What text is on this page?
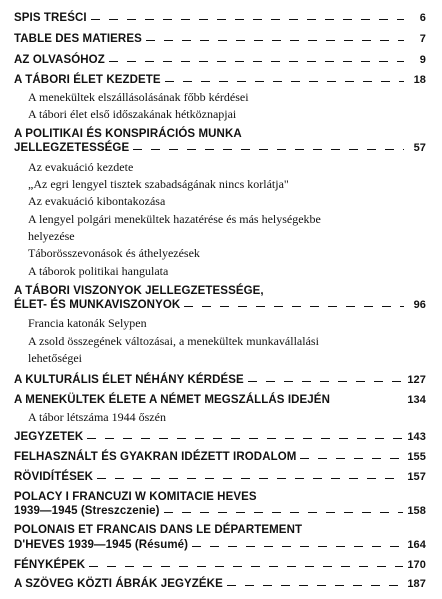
SPIS TREŚCI	6
TABLE DES MATIERES	7
AZ OLVASÓHOZ	9
A TÁBORI ÉLET KEZDETE	18
A menekültek elszállásolásának főbb kérdései
A tábori élet első időszakának hétköznapjai
A POLITIKAI ÉS KONSPIRÁCIÓS MUNKA
JELLEGZETESSÉGE	57
Az evakuáció kezdete
„Az egri lengyel tisztek szabadságának nincs korlátja"
Az evakuáció kibontakozása
A lengyel polgári menekültek hazatérése és más helységekbe
helyezése
Táborösszevonások és áthelyezések
A táborok politikai hangulata
A TÁBORI VISZONYOK JELLEGZETESSÉGE,
ÉLET- ÉS MUNKAVISZONYOK	96
Francia katonák Selypen
A zsold összegének változásai, a menekültek munkavállalási
lehetőségei
A KULTURÁLIS ÉLET NÉHÁNY KÉRDÉSE	127
A MENEKÜLTEK ÉLETE A NÉMET MEGSZÁLLÁS IDEJÉN	134
A tábor létszáma 1944 őszén
JEGYZETEK	143
FELHASZNÁLT ÉS GYAKRAN IDÉZETT IRODALOM	155
RÖVIDÍTÉSEK	157
POLACY I FRANCUZI W KOMITACIE HEVES
1939—1945 (Streszczenie)	158
POLONAIS ET FRANCAIS DANS LE DÉPARTEMENT
D'HEVES 1939—1945 (Résumé)	164
FÉNYKÉPEK	170
A SZÖVEG KÖZTI ÁBRÁK JEGYZÉKE	187
